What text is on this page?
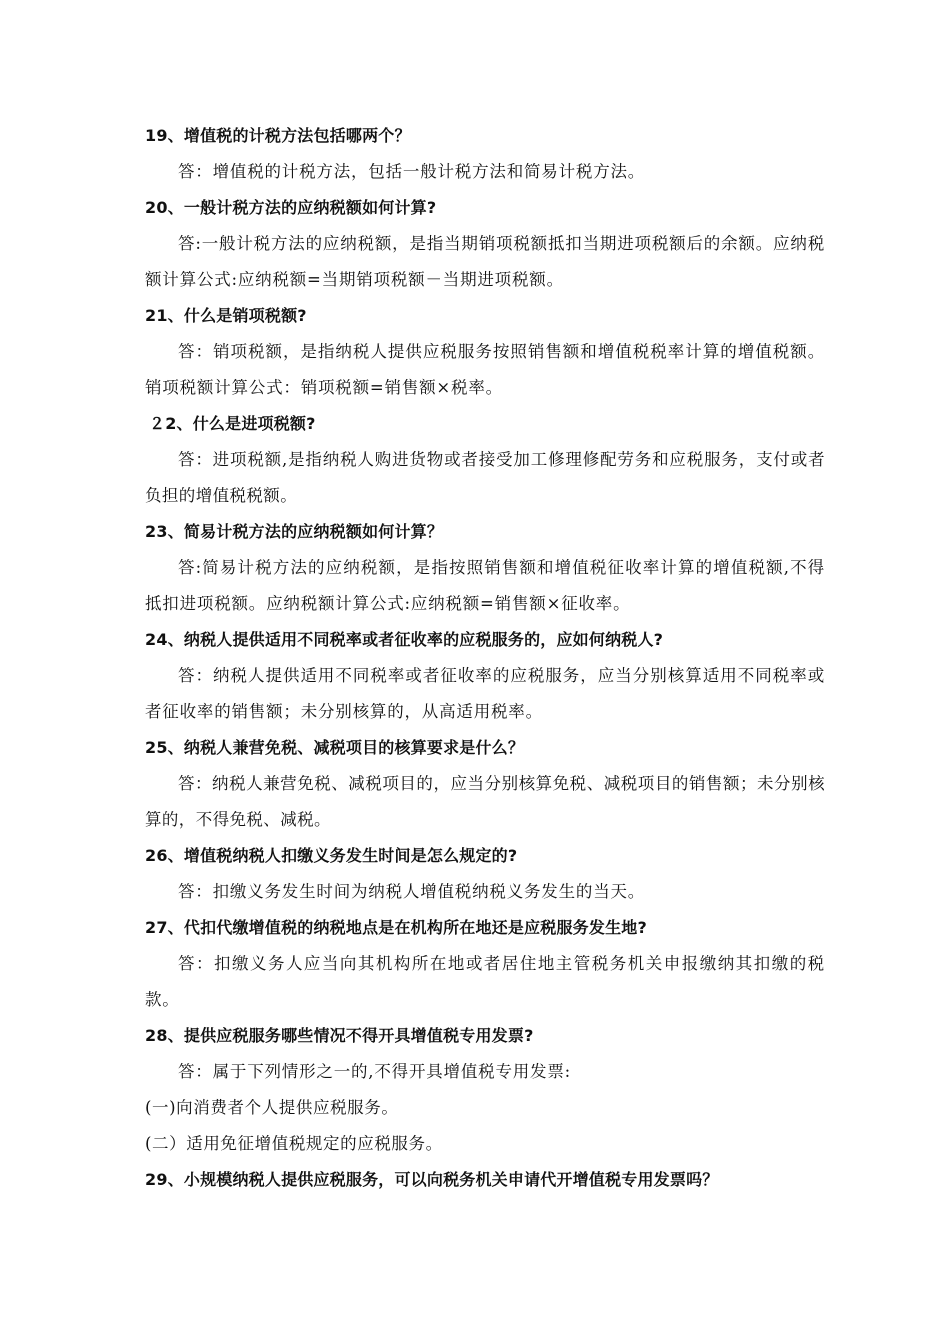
19、增值税的计税方法包括哪两个？
答：增值税的计税方法，包括一般计税方法和简易计税方法。
20、一般计税方法的应纳税额如何计算?
答:一般计税方法的应纳税额，是指当期销项税额抵扣当期进项税额后的余额。应纳税额计算公式:应纳税额=当期销项税额－当期进项税额。
21、什么是销项税额?
答：销项税额，是指纳税人提供应税服务按照销售额和增值税税率计算的增值税额。销项税额计算公式：销项税额=销售额×税率。
２2、什么是进项税额?
答：进项税额,是指纳税人购进货物或者接受加工修理修配劳务和应税服务，支付或者负担的增值税税额。
23、简易计税方法的应纳税额如何计算？
答:简易计税方法的应纳税额，是指按照销售额和增值税征收率计算的增值税额,不得抵扣进项税额。应纳税额计算公式:应纳税额=销售额×征收率。
24、纳税人提供适用不同税率或者征收率的应税服务的，应如何纳税人?
答：纳税人提供适用不同税率或者征收率的应税服务，应当分别核算适用不同税率或者征收率的销售额；未分别核算的，从高适用税率。
25、纳税人兼营免税、减税项目的核算要求是什么？
答：纳税人兼营免税、减税项目的，应当分别核算免税、减税项目的销售额；未分别核算的，不得免税、减税。
26、增值税纳税人扣缴义务发生时间是怎么规定的?
答：扣缴义务发生时间为纳税人增值税纳税义务发生的当天。
27、代扣代缴增值税的纳税地点是在机构所在地还是应税服务发生地?
答：扣缴义务人应当向其机构所在地或者居住地主管税务机关申报缴纳其扣缴的税款。
28、提供应税服务哪些情况不得开具增值税专用发票?
答：属于下列情形之一的,不得开具增值税专用发票:
(一)向消费者个人提供应税服务。
(二）适用免征增值税规定的应税服务。
29、小规模纳税人提供应税服务，可以向税务机关申请代开增值税专用发票吗？
